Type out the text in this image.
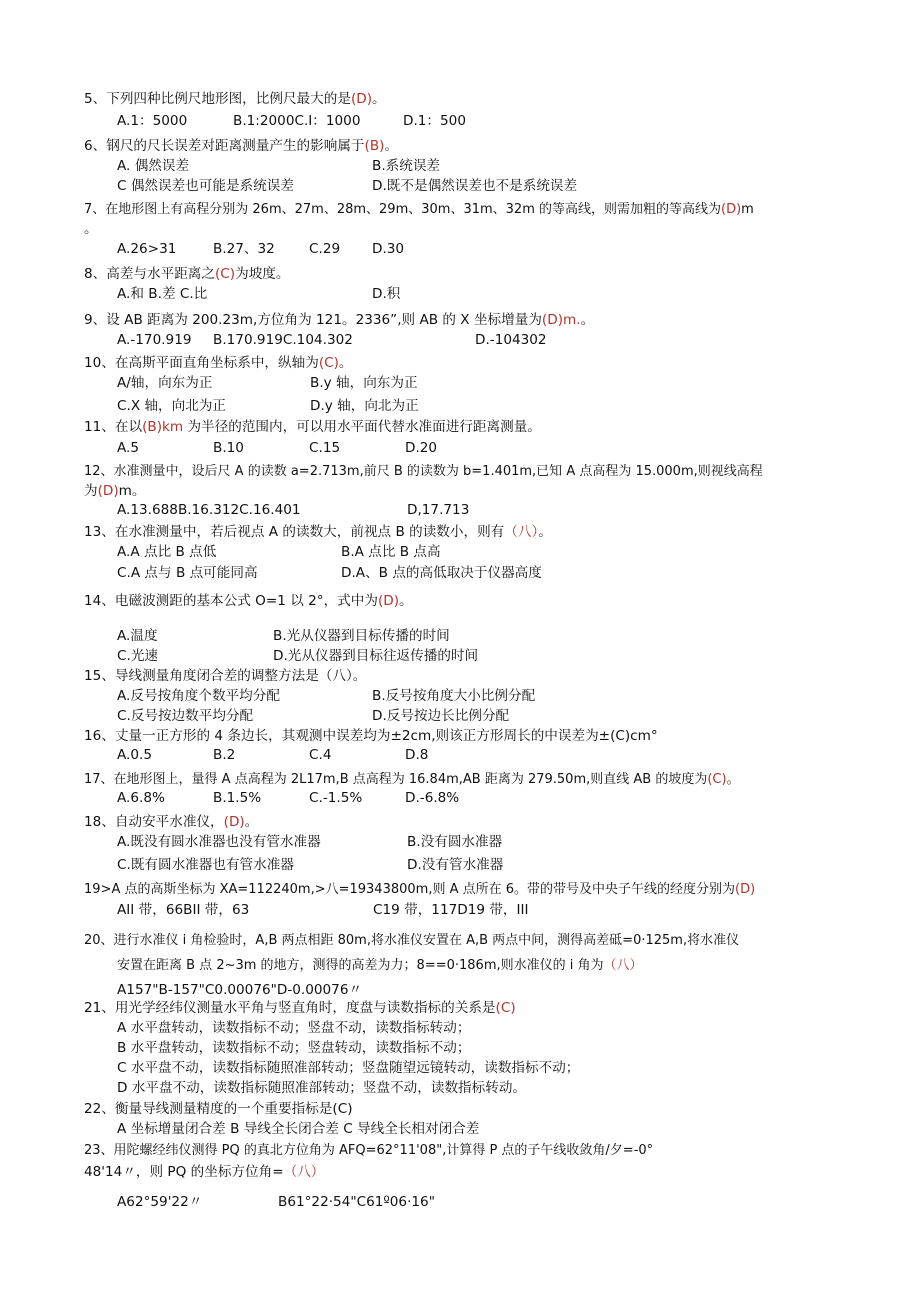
5、下列四种比例尺地形图，比例尺最大的是(D)。
A.1：5000	B.1:2000C.I：1000	D.1：500
6、钢尺的尺长误差对距离测量产生的影响属于(B)。
A. 偶然误差	B.系统误差
C 偶然误差也可能是系统误差	D.既不是偶然误差也不是系统误差
7、在地形图上有高程分别为 26m、27m、28m、29m、30m、31m、32m 的等高线，则需加粗的等高线为(D)m
。
A.26>31	B.27、32	C.29 D.30
8、高差与水平距离之(C)为坡度。
A.和 B.差 C.比	D.积
9、设 AB 距离为 200.23m,方位角为 121。2336”,则 AB 的 X 坐标增量为(D)m.。
A.-170.919 B.170.919C.104.302	D.-104302
10、在高斯平面直角坐标系中，纵轴为(C)。
A/轴，向东为正	B.y 轴，向东为正
C.X 轴，向北为正	D.y 轴，向北为正
11、在以(B)km 为半径的范围内，可以用水平面代替水准面进行距离测量。
A.5	B.10	C.15	D.20
12、水准测量中，设后尺 A 的读数 a=2.713m,前尺 B 的读数为 b=1.401m,已知 A 点高程为 15.000m,则视线高程
为(D)m。
A.13.688B.16.312C.16.401	D,17.713
13、在水准测量中，若后视点 A 的读数大，前视点 B 的读数小，则有（八）。
A.A 点比 B 点低	B.A 点比 B 点高
C.A 点与 B 点可能同高	D.A、B 点的高低取决于仪器高度
14、电磁波测距的基本公式 O=1 以 2°，式中为(D)。
A.温度	B.光从仪器到目标传播的时间
C.光速	D.光从仪器到目标往返传播的时间
15、导线测量角度闭合差的调整方法是（八）。
A.反号按角度个数平均分配	B.反号按角度大小比例分配
C.反号按边数平均分配	D.反号按边长比例分配
16、丈量一正方形的 4 条边长，其观测中误差均为±2cm,则该正方形周长的中误差为±(C)cm°
A.0.5	B.2	C.4	D.8
17、在地形图上，量得 A 点高程为 2L17m,B 点高程为 16.84m,AB 距离为 279.50m,则直线 AB 的坡度为(C)。
A.6.8%	B.1.5%	C.-1.5%	D.-6.8%
18、自动安平水准仪，(D)。
A.既没有圆水准器也没有管水准器	B.没有圆水准器
C.既有圆水准器也有管水准器	D.没有管水准器
19>A 点的高斯坐标为 XA=112240m,>八=19343800m,则 A 点所在 6。带的带号及中央子午线的经度分别为(D)
AII 带，66BII 带，63	C19 带，117D19 带，III
20、进行水准仪 i 角检验时，A,B 两点相距 80m,将水准仪安置在 A,B 两点中间，测得高差砥=0·125m,将水准仪
安置在距离 B 点 2~3m 的地方，测得的高差为力；8==0·186m,则水准仪的 i 角为（八）
A157"B-157"C0.00076"D-0.00076〃
21、用光学经纬仪测量水平角与竖直角时，度盘与读数指标的关系是(C)
A 水平盘转动，读数指标不动；竖盘不动，读数指标转动；
B 水平盘转动，读数指标不动；竖盘转动，读数指标不动；
C 水平盘不动，读数指标随照准部转动；竖盘随望远镜转动，读数指标不动；
D 水平盘不动，读数指标随照准部转动；竖盘不动，读数指标转动。
22、衡量导线测量精度的一个重要指标是(C)
A 坐标增量闭合差 B 导线全长闭合差 C 导线全长相对闭合差
23、用陀螺经纬仪测得 PQ 的真北方位角为 AFQ=62°11'08",计算得 P 点的子午线收敛角/夕=-0°
48'14〃，则 PQ 的坐标方位角=（八）
A62°59'22〃	B61°22·54"C61º06·16"
